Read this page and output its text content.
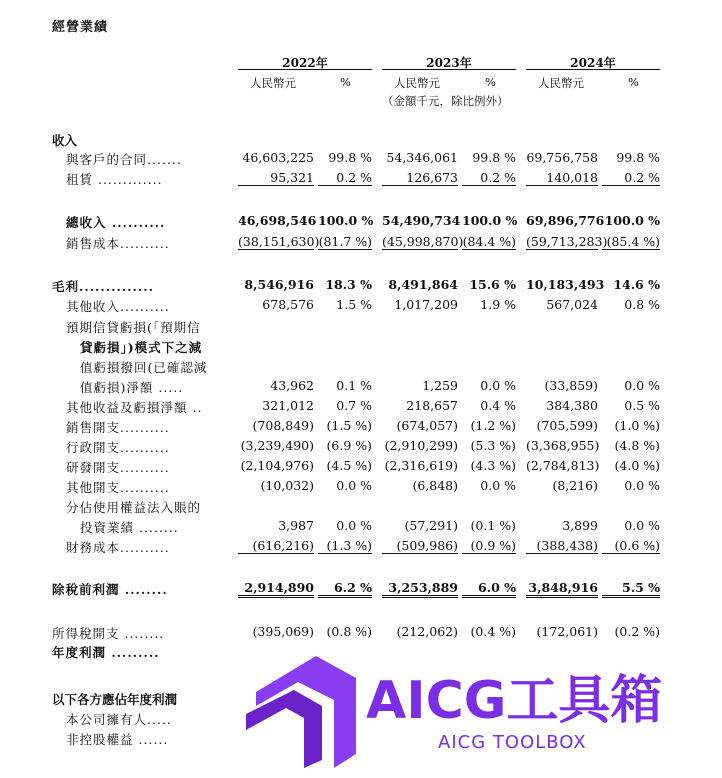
經營業績
2022年	2023年	2024年
人民幣元	%	人民幣元	%	人民幣元	%
（金額千元，除比例外）
收入
與客戶的合同.......	46,603,225	99.8 %	54,346,061	99.8 % 69,756,758	99.8 %
租賃 .............	95,321	0.2 %	126,673	0.2 %	140,018	0.2 %
總收入 ..........	46,698,546 100.0 % 54,490,734 100.0 % 69,896,776 100.0 %
銷售成本..........	(38,151,630) (81.7 %) (45,998,870) (84.4 %) (59,713,283) (85.4 %)
毛利..............	8,546,916 18.3 %	8,491,864 15.6 % 10,183,493 14.6 %
其他收入..........	678,576	1.5 %	1,017,209	1.9 %	567,024	0.8 %
預期信貸虧損(「預期信
貸虧損」)模式下之減
值虧損撥回(已確認減
值虧損)淨額 .....	43,962	0.1 %	1,259	0.0 %	(33,859)	0.0 %
其他收益及虧損淨額 ..	321,012	0.7 %	218,657	0.4 %	384,380	0.5 %
銷售開支..........	(708,849)	(1.5 %)	(674,057)	(1.2 %)	(705,599)	(1.0 %)
行政開支..........	(3,239,490)	(6.9 %) (2,910,299)	(5.3 %) (3,368,955)	(4.8 %)
研發開支..........	(2,104,976)	(4.5 %) (2,316,619)	(4.3 %) (2,784,813)	(4.0 %)
其他開支..........	(10,032)	0.0 %	(6,848)	0.0 %	(8,216)	0.0 %
分佔使用權益法入賬的
投資業績 ........	3,987	0.0 %	(57,291)	(0.1 %)	3,899	0.0 %
財務成本..........	(616,216)	(1.3 %)	(509,986)	(0.9 %)	(388,438)	(0.6 %)
除稅前利潤 ........	2,914,890	6.2 %	3,253,889	6.0 % 3,848,916	5.5 %
所得稅開支 ........	(395,069)	(0.8 %)	(212,062)	(0.4 %)	(172,061)	(0.2 %)
年度利潤 .........
以下各方應佔年度利潤
本公司擁有人.....
非控股權益 ......
AICG工具箱
AICG TOOLBOX
